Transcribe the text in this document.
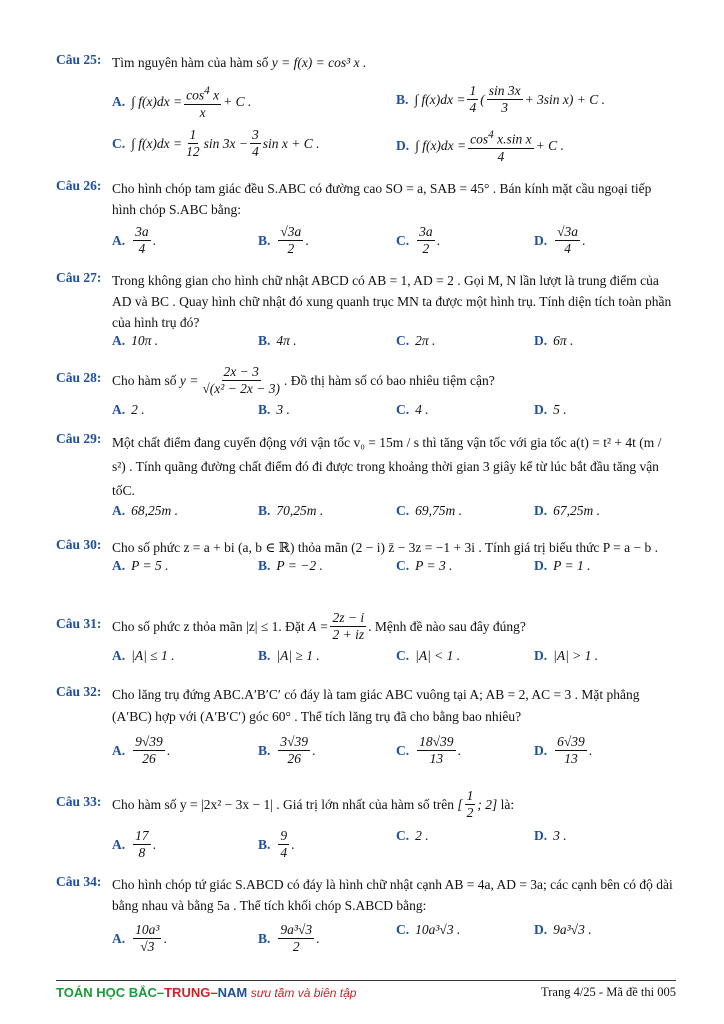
Câu 25: Tìm nguyên hàm của hàm số y = f(x) = cos³ x .
A. ∫ $f(x)dx = \frac{\cos^4 x}{x} + C$ .	B. ∫ $f(x)dx = \frac{1}{4}$ ( $\frac{\sin 3x}{3} + 3\sin$ x) + C .
C. ∫ $f(x)dx = \frac{1}{12}$ $\sin 3x - \frac{3}{4}$ sin x + C .	D. ∫ $f(x)dx = \frac{\cos^4 x.\sin x}{4} + C$ .
Câu 26: Cho hình chóp tam giác đều S.ABC có đường cao SO = a, SAB = 45° . Bán kính mặt cầu ngoại tiếp hình chóp S.ABC bằng:
A. $\frac{3a}{4}$ .	B. $\frac{√3a}{2}$ .	C. $\frac{3a}{2}$ .	D. $\frac{√3a}{4}$ .
Câu 27: Trong không gian cho hình chữ nhật ABCD có AB = 1, AD = 2 . Gọi M, N lần lượt là trung điểm của AD và BC . Quay hình chữ nhật đó xung quanh trục MN ta được một hình trụ. Tính diện tích toàn phần của hình trụ đó?
A. 10π .	B. 4π .	C. 2π .	D. 6π .
Câu 28: Cho hàm số
$y = \frac{2x - 3}{\text{√(x² − 2x − 3)}}$ . Đồ thị hàm số có bao nhiêu tiệm cận?
A. 2 .	B. 3 .	C. 4 .	D. 5 .
Câu 29: Một chất điểm đang cuyển động với vận tốc v₀ = 15m / s thì tăng vận tốc với gia tốc a(t) = t² + 4t (m / s²) . Tính quãng đường chất điểm đó đi được trong khoảng thời gian 3 giây kể từ lúc bắt đầu tăng vận tốC.
A. 68,25m .	B. 70,25m .	C. 69,75m .	D. 67,25m .
Câu 30: Cho số phức z = a + bi (a, b ∈ ℝ) thỏa mãn (2 − i) z̄ − 3z = −1 + 3i . Tính giá trị biểu thức P = a − b .
A. P = 5 .	B. P = −2 .	C. P = 3 .	D. P = 1 .
Câu 31: Cho số phức z thỏa mãn |z| ≤ 1. Đặt
$A = \frac{2z - i}{2 + iz}$ . Mệnh đề nào sau đây đúng?
A. |A| ≤ 1 .	B. |A| ≥ 1 .	C. |A| < 1 .	D. |A| > 1 .
Câu 32: Cho lăng trụ đứng ABC.A′B′C′ có đáy là tam giác ABC vuông tại A; AB = 2, AC = 3 . Mặt phẳng (A′BC) hợp với (A′B′C′) góc 60° . Thể tích lăng trụ đã cho bằng bao nhiêu?
A. $\frac{9√39}{26}$ .	B. $\frac{3√39}{26}$ .	C. $\frac{18√39}{13}$ .	D. $\frac{6√39}{13}$ .
Câu 33: Cho hàm số y = |2x² − 3x − 1| . Giá trị lớn nhất của hàm số trên
[ $\frac{1}{2}$ ; 2]
là:
A. $\frac{17}{8}$ .	B. $\frac{9}{4}$ .
C. 2 .	D. 3 .
Câu 34: Cho hình chóp tứ giác S.ABCD có đáy là hình chữ nhật cạnh AB = 4a, AD = 3a; các cạnh bên có độ dài bằng nhau và bằng 5a . Thể tích khối chóp S.ABCD bằng:
A. $\frac{\text{10a³}}{√3}$ .	B. $\frac{\text{9a³√3}}{2}$ .
C. 10a³√3 .	D. 9a³√3 .
TOÁN HỌC BẮC–TRUNG–NAM sưu tầm và biên tập	Trang 4/25 - Mã đề thi 005
